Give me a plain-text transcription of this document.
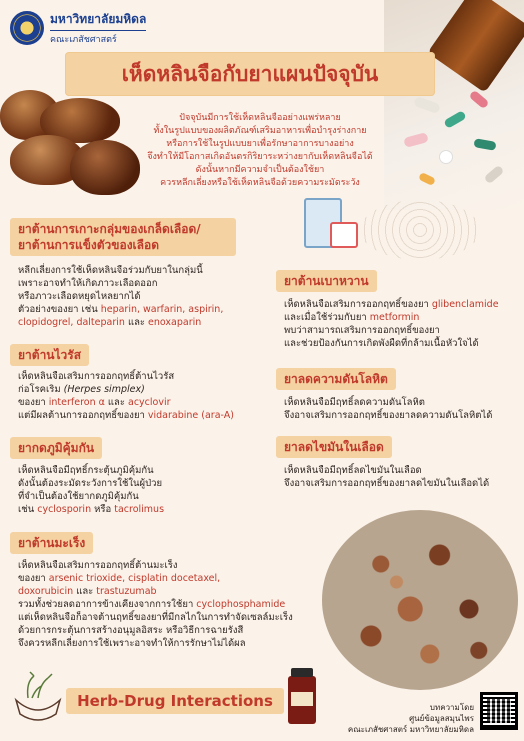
มหาวิทยาลัยมหิดล
คณะเภสัชศาสตร์
เห็ดหลินจือกับยาแผนปัจจุบัน
ปัจจุบันมีการใช้เห็ดหลินจืออย่างแพร่หลาย
ทั้งในรูปแบบของผลิตภัณฑ์เสริมอาหารเพื่อบำรุงร่างกาย
หรือการใช้ในรูปแบบยาเพื่อรักษาอาการบางอย่าง
จึงทำให้มีโอกาสเกิดอันตรกิริยาระหว่างยากับเห็ดหลินจือได้
ดังนั้นหากมีความจำเป็นต้องใช้ยา
ควรหลีกเลี่ยงหรือใช้เห็ดหลินจือด้วยความระมัดระวัง
ยาต้านการเกาะกลุ่มของเกล็ดเลือด/
ยาต้านการแข็งตัวของเลือด
หลีกเลี่ยงการใช้เห็ดหลินจือร่วมกับยาในกลุ่มนี้
เพราะอาจทำให้เกิดภาวะเลือดออก
หรือภาวะเลือดหยุดไหลยากได้
ตัวอย่างของยา เช่น heparin, warfarin, aspirin,
clopidogrel, dalteparin และ enoxaparin
ยาต้านไวรัส
เห็ดหลินจือเสริมการออกฤทธิ์ต้านไวรัส
ก่อโรคเริม (Herpes simplex)
ของยา interferon α และ acyclovir
แต่มีผลต้านการออกฤทธิ์ของยา vidarabine (ara-A)
ยากดภูมิคุ้มกัน
เห็ดหลินจือมีฤทธิ์กระตุ้นภูมิคุ้มกัน
ดังนั้นต้องระมัดระวังการใช้ในผู้ป่วย
ที่จำเป็นต้องใช้ยากดภูมิคุ้มกัน
เช่น cyclosporin หรือ tacrolimus
ยาต้านมะเร็ง
เห็ดหลินจือเสริมการออกฤทธิ์ต้านมะเร็ง
ของยา arsenic trioxide, cisplatin docetaxel,
doxorubicin และ trastuzumab
รวมทั้งช่วยลดอาการข้างเคียงจากการใช้ยา cyclophosphamide
แต่เห็ดหลินจือก็อาจต้านฤทธิ์ของยาที่มีกลไกในการทำจัดเซลล์มะเร็ง
ด้วยการกระตุ้นการสร้างอนุมูลอิสระ หรือวิธีการฉายรังสี
จึงควรหลีกเลี่ยงการใช้เพราะอาจทำให้การรักษาไม่ได้ผล
ยาต้านเบาหวาน
เห็ดหลินจือเสริมการออกฤทธิ์ของยา glibenclamide
และเมื่อใช้ร่วมกับยา metformin
พบว่าสามารถเสริมการออกฤทธิ์ของยา
และช่วยป้องกันการเกิดพังผืดที่กล้ามเนื้อหัวใจได้
ยาลดความดันโลหิต
เห็ดหลินจือมีฤทธิ์ลดความดันโลหิต
จึงอาจเสริมการออกฤทธิ์ของยาลดความดันโลหิตได้
ยาลดไขมันในเลือด
เห็ดหลินจือมีฤทธิ์ลดไขมันในเลือด
จึงอาจเสริมการออกฤทธิ์ของยาลดไขมันในเลือดได้
Herb-Drug Interactions	บทความโดย
ศูนย์ข้อมูลสมุนไพร
คณะเภสัชศาสตร์ มหาวิทยาลัยมหิดล
